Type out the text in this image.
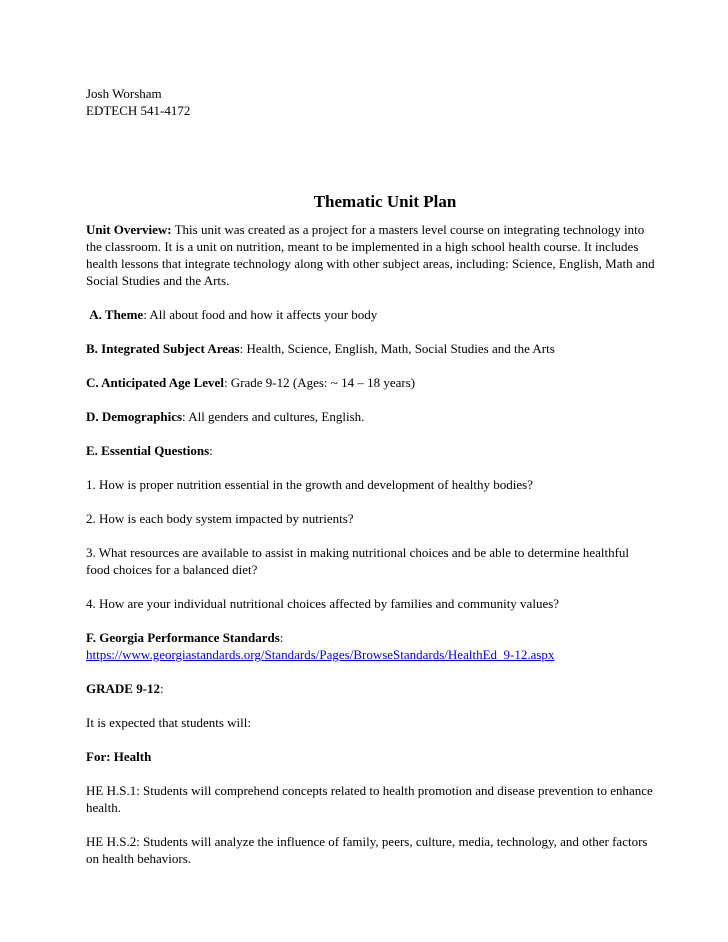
Josh Worsham

EDTECH 541-4172

Thematic Unit Plan

Unit Overview: This unit was created as a project for a masters level course on integrating technology into the classroom. It is a unit on nutrition, meant to be implemented in a high school health course. It includes health lessons that integrate technology along with other subject areas, including: Science, English, Math and Social Studies and the Arts.

A. Theme: All about food and how it affects your body

B. Integrated Subject Areas: Health, Science, English, Math, Social Studies and the Arts

C. Anticipated Age Level: Grade 9-12 (Ages: ~ 14 – 18 years)

D. Demographics: All genders and cultures, English.

E. Essential Questions:

1. How is proper nutrition essential in the growth and development of healthy bodies?

2. How is each body system impacted by nutrients?

3. What resources are available to assist in making nutritional choices and be able to determine healthful food choices for a balanced diet?

4. How are your individual nutritional choices affected by families and community values?

F. Georgia Performance Standards:

https://www.georgiastandards.org/Standards/Pages/BrowseStandards/HealthEd_9-12.aspx

GRADE 9-12:

It is expected that students will:

For: Health

HE H.S.1: Students will comprehend concepts related to health promotion and disease prevention to enhance health.

HE H.S.2: Students will analyze the influence of family, peers, culture, media, technology, and other factors on health behaviors.
